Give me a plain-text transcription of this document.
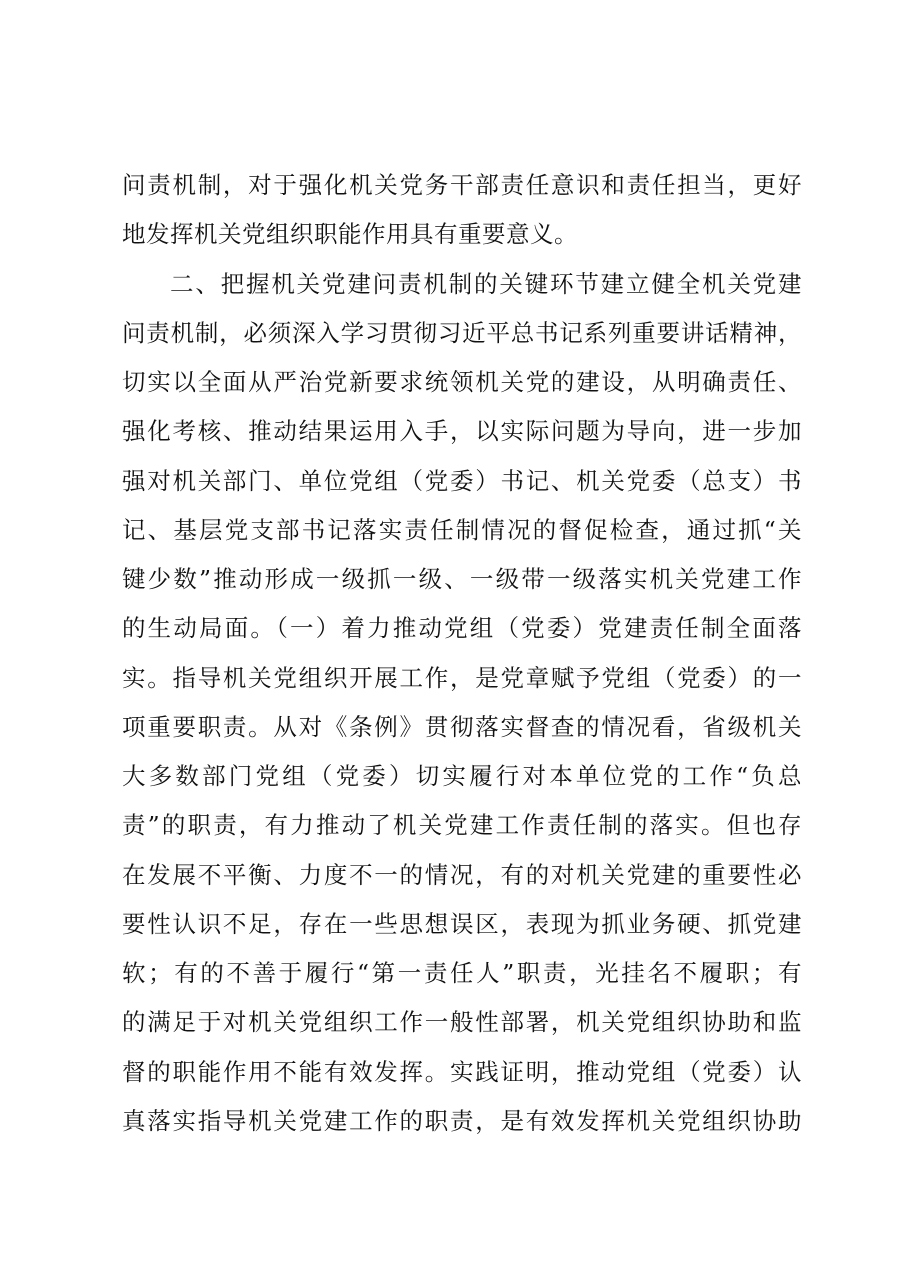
问责机制，对于强化机关党务干部责任意识和责任担当，更好
地发挥机关党组织职能作用具有重要意义。
二、把握机关党建问责机制的关键环节建立健全机关党建
问责机制，必须深入学习贯彻习近平总书记系列重要讲话精神，
切实以全面从严治党新要求统领机关党的建设，从明确责任、
强化考核、推动结果运用入手，以实际问题为导向，进一步加
强对机关部门、单位党组（党委）书记、机关党委（总支）书
记、基层党支部书记落实责任制情况的督促检查，通过抓“关
键少数”推动形成一级抓一级、一级带一级落实机关党建工作
的生动局面。（一）着力推动党组（党委）党建责任制全面落
实。指导机关党组织开展工作，是党章赋予党组（党委）的一
项重要职责。从对《条例》贯彻落实督查的情况看，省级机关
大多数部门党组（党委）切实履行对本单位党的工作“负总
责”的职责，有力推动了机关党建工作责任制的落实。但也存
在发展不平衡、力度不一的情况，有的对机关党建的重要性必
要性认识不足，存在一些思想误区，表现为抓业务硬、抓党建
软；有的不善于履行“第一责任人”职责，光挂名不履职；有
的满足于对机关党组织工作一般性部署，机关党组织协助和监
督的职能作用不能有效发挥。实践证明，推动党组（党委）认
真落实指导机关党建工作的职责，是有效发挥机关党组织协助
